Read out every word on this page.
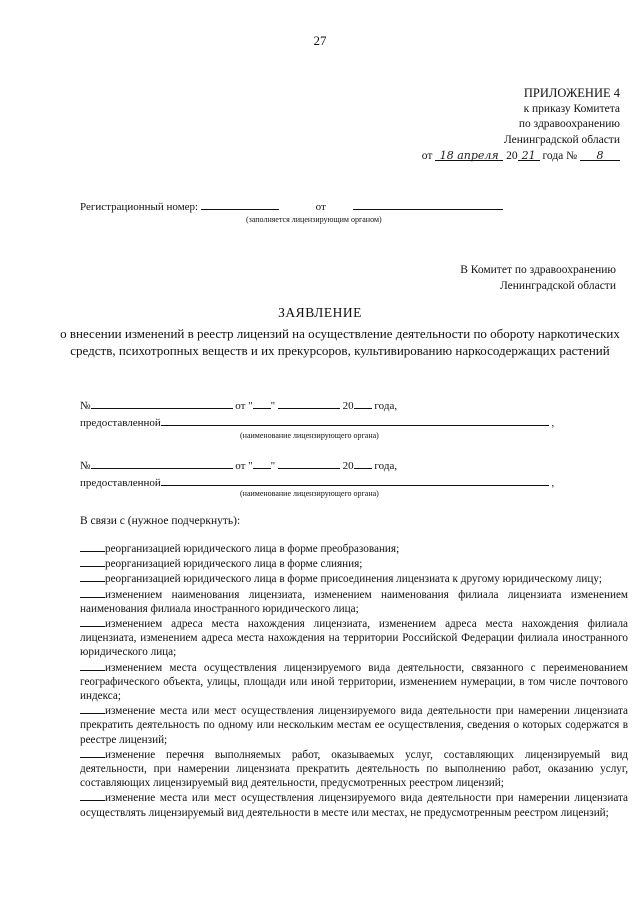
27
ПРИЛОЖЕНИЕ 4
к приказу Комитета
по здравоохранению
Ленинградской области
от 18 апреля 20 21 года № 8
Регистрационный номер:	от
(заполняется лицензирующим органом)
В Комитет по здравоохранению
Ленинградской области
ЗАЯВЛЕНИЕ
о внесении изменений в реестр лицензий на осуществление деятельности по обороту наркотических средств, психотропных веществ и их прекурсоров, культивированию наркосодержащих растений
№	от " "	20 года,
предоставленной	,
(наименование лицензирующего органа)
№	от " "	20 года,
предоставленной	,
(наименование лицензирующего органа)
В связи с (нужное подчеркнуть):

реорганизацией юридического лица в форме преобразования;

реорганизацией юридического лица в форме слияния;

реорганизацией юридического лица в форме присоединения лицензиата к другому юридическому лицу;

изменением наименования лицензиата, изменением наименования филиала лицензиата изменением наименования филиала иностранного юридического лица;

изменением адреса места нахождения лицензиата, изменением адреса места нахождения филиала лицензиата, изменением адреса места нахождения на территории Российской Федерации филиала иностранного юридического лица;

изменением места осуществления лицензируемого вида деятельности, связанного с переименованием географического объекта, улицы, площади или иной территории, изменением нумерации, в том числе почтового индекса;

изменение места или мест осуществления лицензируемого вида деятельности при намерении лицензиата прекратить деятельность по одному или нескольким местам ее осуществления, сведения о которых содержатся в реестре лицензий;

изменение перечня выполняемых работ, оказываемых услуг, составляющих лицензируемый вид деятельности, при намерении лицензиата прекратить деятельность по выполнению работ, оказанию услуг, составляющих лицензируемый вид деятельности, предусмотренных реестром лицензий;

изменение места или мест осуществления лицензируемого вида деятельности при намерении лицензиата осуществлять лицензируемый вид деятельности в месте или местах, не предусмотренным реестром лицензий;
